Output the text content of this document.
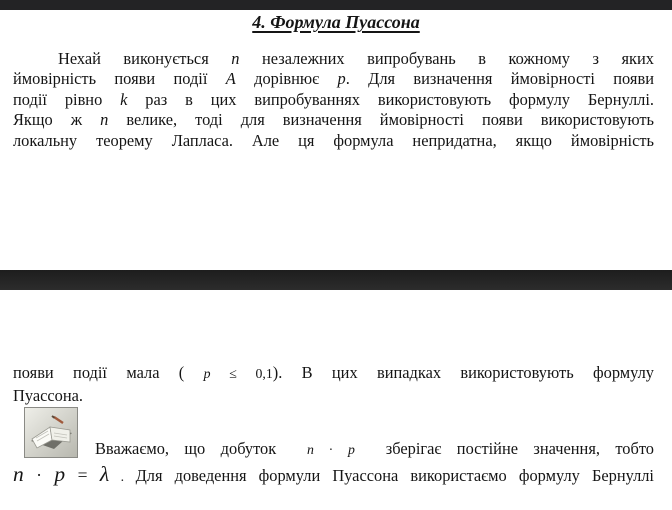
4. Формула Пуассона
Нехай виконується n незалежних випробувань в кожному з яких
ймовірність появи події A дорівнює p. Для визначення ймовірності появи
події рівно k раз в цих випробуваннях використовують формулу Бернуллі.
Якщо ж n велике, тоді для визначення ймовірності появи використовують
локальну теорему Лапласа. Але ця формула непридатна, якщо ймовірність
появи події мала ( p ≤ 0,1). В цих випадках використовують формулу
Пуассона.
Вважаємо, що добуток  n · p  зберігає постійне значення, тобто
n · p = λ . Для доведення формули Пуассона використаємо формулу Бернуллі
